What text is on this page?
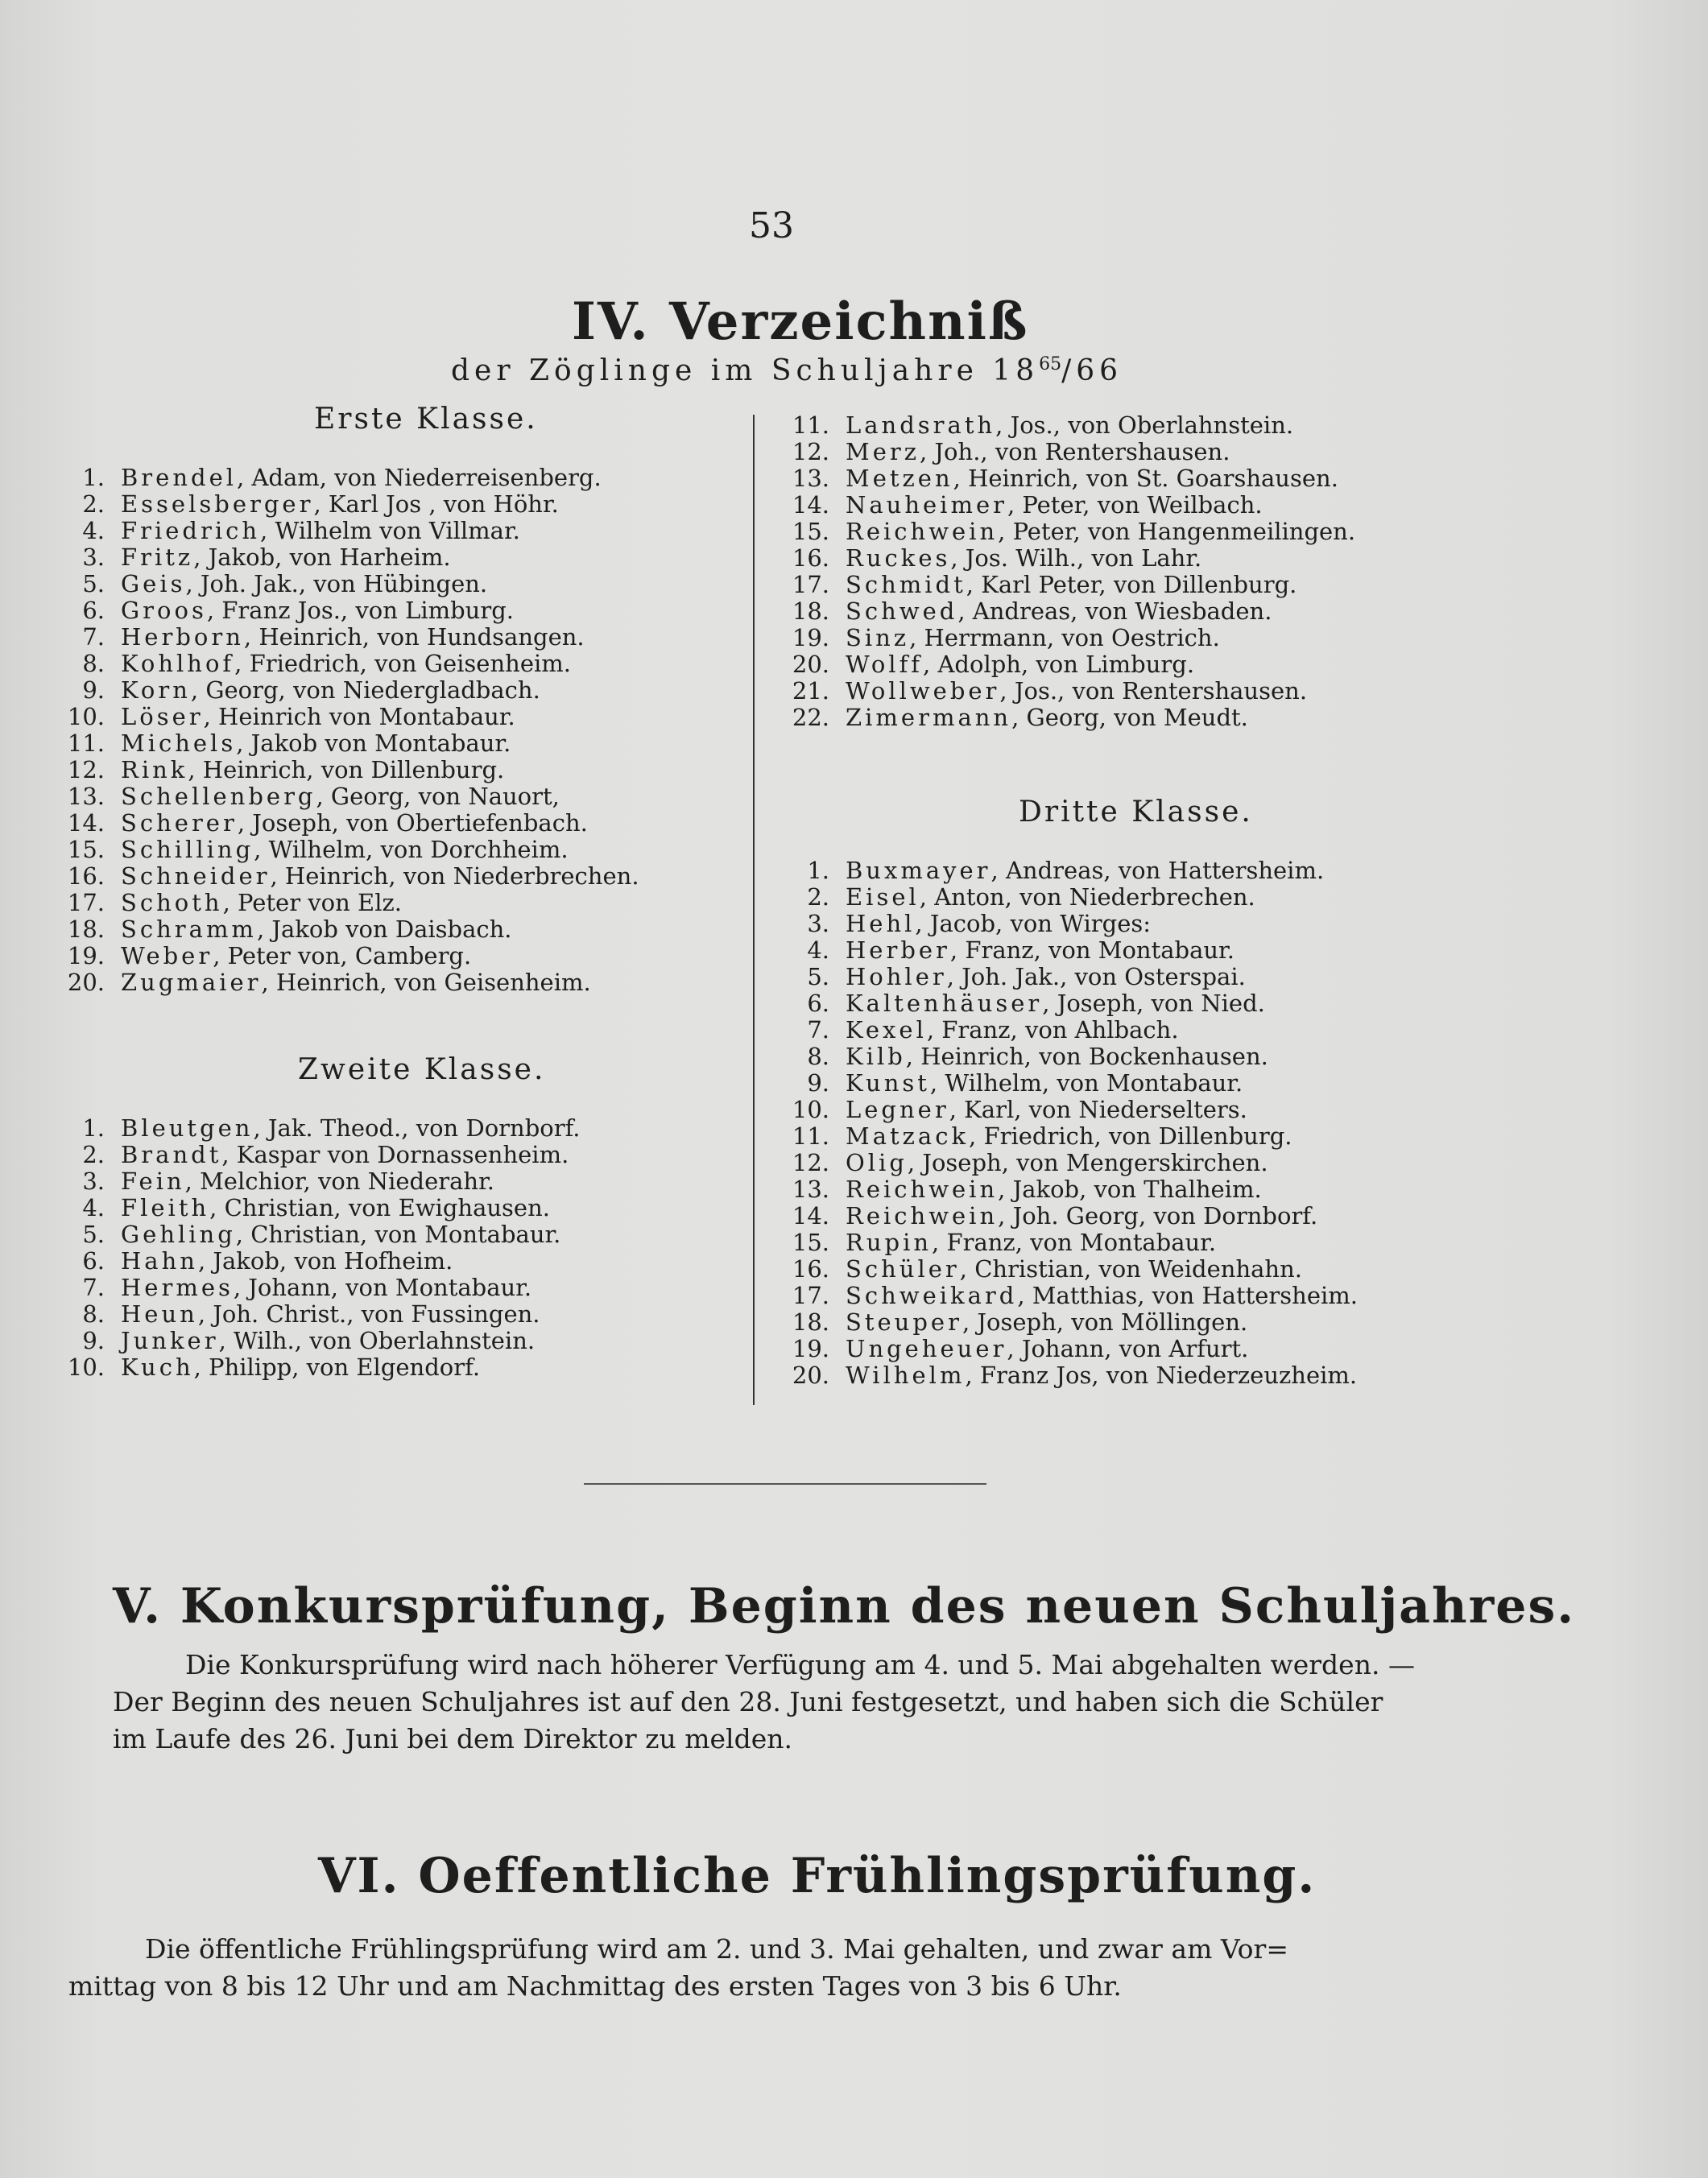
53
IV. Verzeichniß
der Zöglinge im Schuljahre $18^{65}/66$
Erste Klasse.
1. Brendel, Adam, von Niederreisenberg.
2. Esselsberger, Karl Jos , von Höhr.
4. Friedrich, Wilhelm von Villmar.
3. Fritz, Jakob, von Harheim.
5. Geis, Joh. Jak., von Hübingen.
6. Groos, Franz Jos., von Limburg.
7. Herborn, Heinrich, von Hundsangen.
8. Kohlhof, Friedrich, von Geisenheim.
9. Korn, Georg, von Niedergladbach.
10. Löser, Heinrich von Montabaur.
11. Michels, Jakob von Montabaur.
12. Rink, Heinrich, von Dillenburg.
13. Schellenberg, Georg, von Nauort,
14. Scherer, Joseph, von Obertiefenbach.
15. Schilling, Wilhelm, von Dorchheim.
16. Schneider, Heinrich, von Niederbrechen.
17. Schoth, Peter von Elz.
18. Schramm, Jakob von Daisbach.
19. Weber, Peter von, Camberg.
20. Zugmaier, Heinrich, von Geisenheim.
Zweite Klasse.
1. Bleutgen, Jak. Theod., von Dornborf.
2. Brandt, Kaspar von Dornassenheim.
3. Fein, Melchior, von Niederahr.
4. Fleith, Christian, von Ewighausen.
5. Gehling, Christian, von Montabaur.
6. Hahn, Jakob, von Hofheim.
7. Hermes, Johann, von Montabaur.
8. Heun, Joh. Christ., von Fussingen.
9. Junker, Wilh., von Oberlahnstein.
10. Kuch, Philipp, von Elgendorf.
11. Landsrath, Jos., von Oberlahnstein.
12. Merz, Joh., von Rentershausen.
13. Metzen, Heinrich, von St. Goarshausen.
14. Nauheimer, Peter, von Weilbach.
15. Reichwein, Peter, von Hangenmeilingen.
16. Ruckes, Jos. Wilh., von Lahr.
17. Schmidt, Karl Peter, von Dillenburg.
18. Schwed, Andreas, von Wiesbaden.
19. Sinz, Herrmann, von Oestrich.
20. Wolff, Adolph, von Limburg.
21. Wollweber, Jos., von Rentershausen.
22. Zimermann, Georg, von Meudt.
Dritte Klasse.
1. Buxmayer, Andreas, von Hattersheim.
2. Eisel, Anton, von Niederbrechen.
3. Hehl, Jacob, von Wirges:
4. Herber, Franz, von Montabaur.
5. Hohler, Joh. Jak., von Osterspai.
6. Kaltenhäuser, Joseph, von Nied.
7. Kexel, Franz, von Ahlbach.
8. Kilb, Heinrich, von Bockenhausen.
9. Kunst, Wilhelm, von Montabaur.
10. Legner, Karl, von Niederselters.
11. Matzack, Friedrich, von Dillenburg.
12. Olig, Joseph, von Mengerskirchen.
13. Reichwein, Jakob, von Thalheim.
14. Reichwein, Joh. Georg, von Dornborf.
15. Rupin, Franz, von Montabaur.
16. Schüler, Christian, von Weidenhahn.
17. Schweikard, Matthias, von Hattersheim.
18. Steuper, Joseph, von Möllingen.
19. Ungeheuer, Johann, von Arfurt.
20. Wilhelm, Franz Jos, von Niederzeuzheim.
V. Konkursprüfung, Beginn des neuen Schuljahres.
Die Konkursprüfung wird nach höherer Verfügung am 4. und 5. Mai abgehalten werden. —
Der Beginn des neuen Schuljahres ist auf den 28. Juni festgesetzt, und haben sich die Schüler
im Laufe des 26. Juni bei dem Direktor zu melden.
VI. Oeffentliche Frühlingsprüfung.
Die öffentliche Frühlingsprüfung wird am 2. und 3. Mai gehalten, und zwar am Vor=
mittag von 8 bis 12 Uhr und am Nachmittag des ersten Tages von 3 bis 6 Uhr.
